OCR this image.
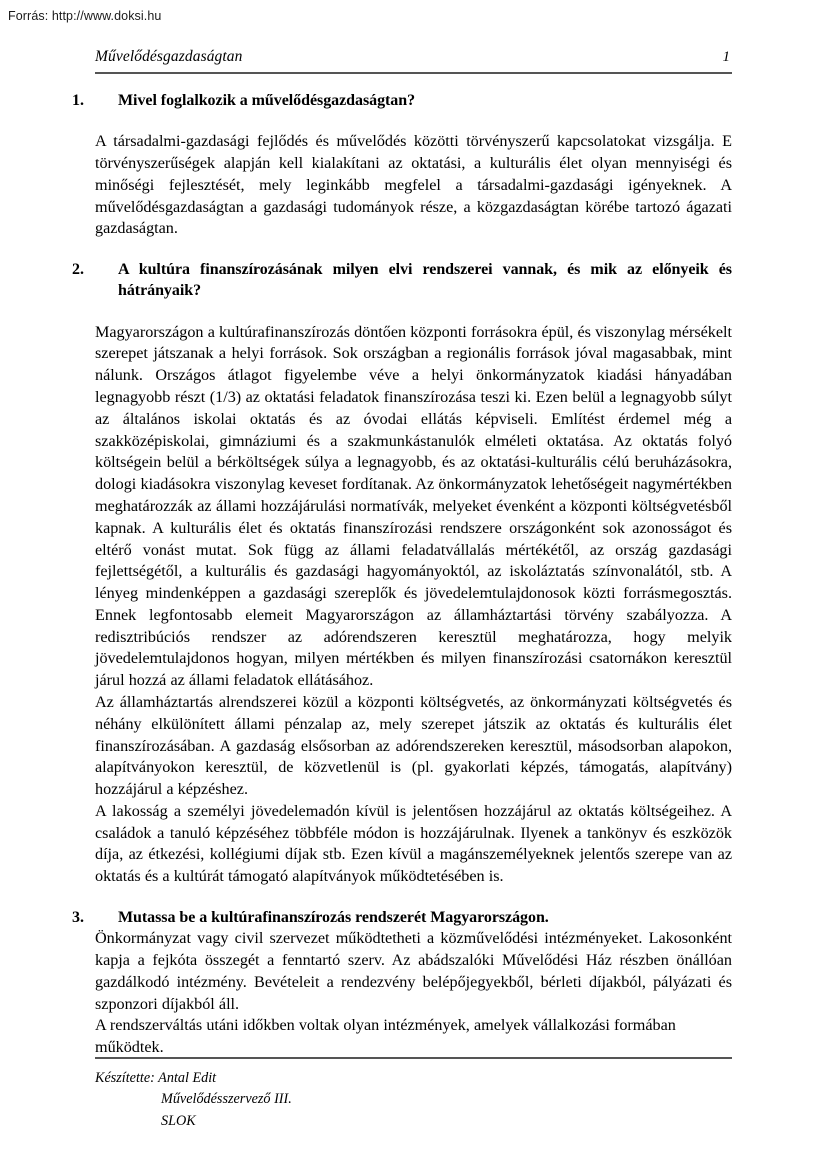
Forrás: http://www.doksi.hu
Művelődésgazdaságtan	1
1. Mivel foglalkozik a művelődésgazdaságtan?

A társadalmi-gazdasági fejlődés és művelődés közötti törvényszerű kapcsolatokat vizsgálja. E törvényszerűségek alapján kell kialakítani az oktatási, a kulturális élet olyan mennyiségi és minőségi fejlesztését, mely leginkább megfelel a társadalmi-gazdasági igényeknek. A művelődésgazdaságtan a gazdasági tudományok része, a közgazdaságtan körébe tartozó ágazati gazdaságtan.

2. A kultúra finanszírozásának milyen elvi rendszerei vannak, és mik az előnyeik és hátrányaik?

Magyarországon a kultúrafinanszírozás döntően központi forrásokra épül, és viszonylag mérsékelt szerepet játszanak a helyi források. Sok országban a regionális források jóval magasabbak, mint nálunk. Országos átlagot figyelembe véve a helyi önkormányzatok kiadási hányadában legnagyobb részt (1/3) az oktatási feladatok finanszírozása teszi ki. Ezen belül a legnagyobb súlyt az általános iskolai oktatás és az óvodai ellátás képviseli. Említést érdemel még a szakközépiskolai, gimnáziumi és a szakmunkástanulók elméleti oktatása. Az oktatás folyó költségein belül a bérköltségek súlya a legnagyobb, és az oktatási-kulturális célú beruházásokra, dologi kiadásokra viszonylag keveset fordítanak. Az önkormányzatok lehetőségeit nagymértékben meghatározzák az állami hozzájárulási normatívák, melyeket évenként a központi költségvetésből kapnak. A kulturális élet és oktatás finanszírozási rendszere országonként sok azonosságot és eltérő vonást mutat. Sok függ az állami feladatvállalás mértékétől, az ország gazdasági fejlettségétől, a kulturális és gazdasági hagyományoktól, az iskoláztatás színvonalától, stb. A lényeg mindenképpen a gazdasági szereplők és jövedelemtulajdonosok közti forrásmegosztás. Ennek legfontosabb elemeit Magyarországon az államháztartási törvény szabályozza. A redisztribúciós rendszer az adórendszeren keresztül meghatározza, hogy melyik jövedelemtulajdonos hogyan, milyen mértékben és milyen finanszírozási csatornákon keresztül járul hozzá az állami feladatok ellátásához.

Az államháztartás alrendszerei közül a központi költségvetés, az önkormányzati költségvetés és néhány elkülönített állami pénzalap az, mely szerepet játszik az oktatás és kulturális élet finanszírozásában. A gazdaság elsősorban az adórendszereken keresztül, másodsorban alapokon, alapítványokon keresztül, de közvetlenül is (pl. gyakorlati képzés, támogatás, alapítvány) hozzájárul a képzéshez.

A lakosság a személyi jövedelemadón kívül is jelentősen hozzájárul az oktatás költségeihez. A családok a tanuló képzéséhez többféle módon is hozzájárulnak. Ilyenek a tankönyv és eszközök díja, az étkezési, kollégiumi díjak stb. Ezen kívül a magánszemélyeknek jelentős szerepe van az oktatás és a kultúrát támogató alapítványok működtetésében is.

3. Mutassa be a kultúrafinanszírozás rendszerét Magyarországon.

Önkormányzat vagy civil szervezet működtetheti a közművelődési intézményeket. Lakosonként kapja a fejkóta összegét a fenntartó szerv. Az abádszalóki Művelődési Ház részben önállóan gazdálkodó intézmény. Bevételeit a rendezvény belépőjegyekből, bérleti díjakból, pályázati és szponzori díjakból áll.

A rendszerváltás utáni időkben voltak olyan intézmények, amelyek vállalkozási formában működtek.

Készítette: Antal Edit
Művelődésszervező III.
SLOK
